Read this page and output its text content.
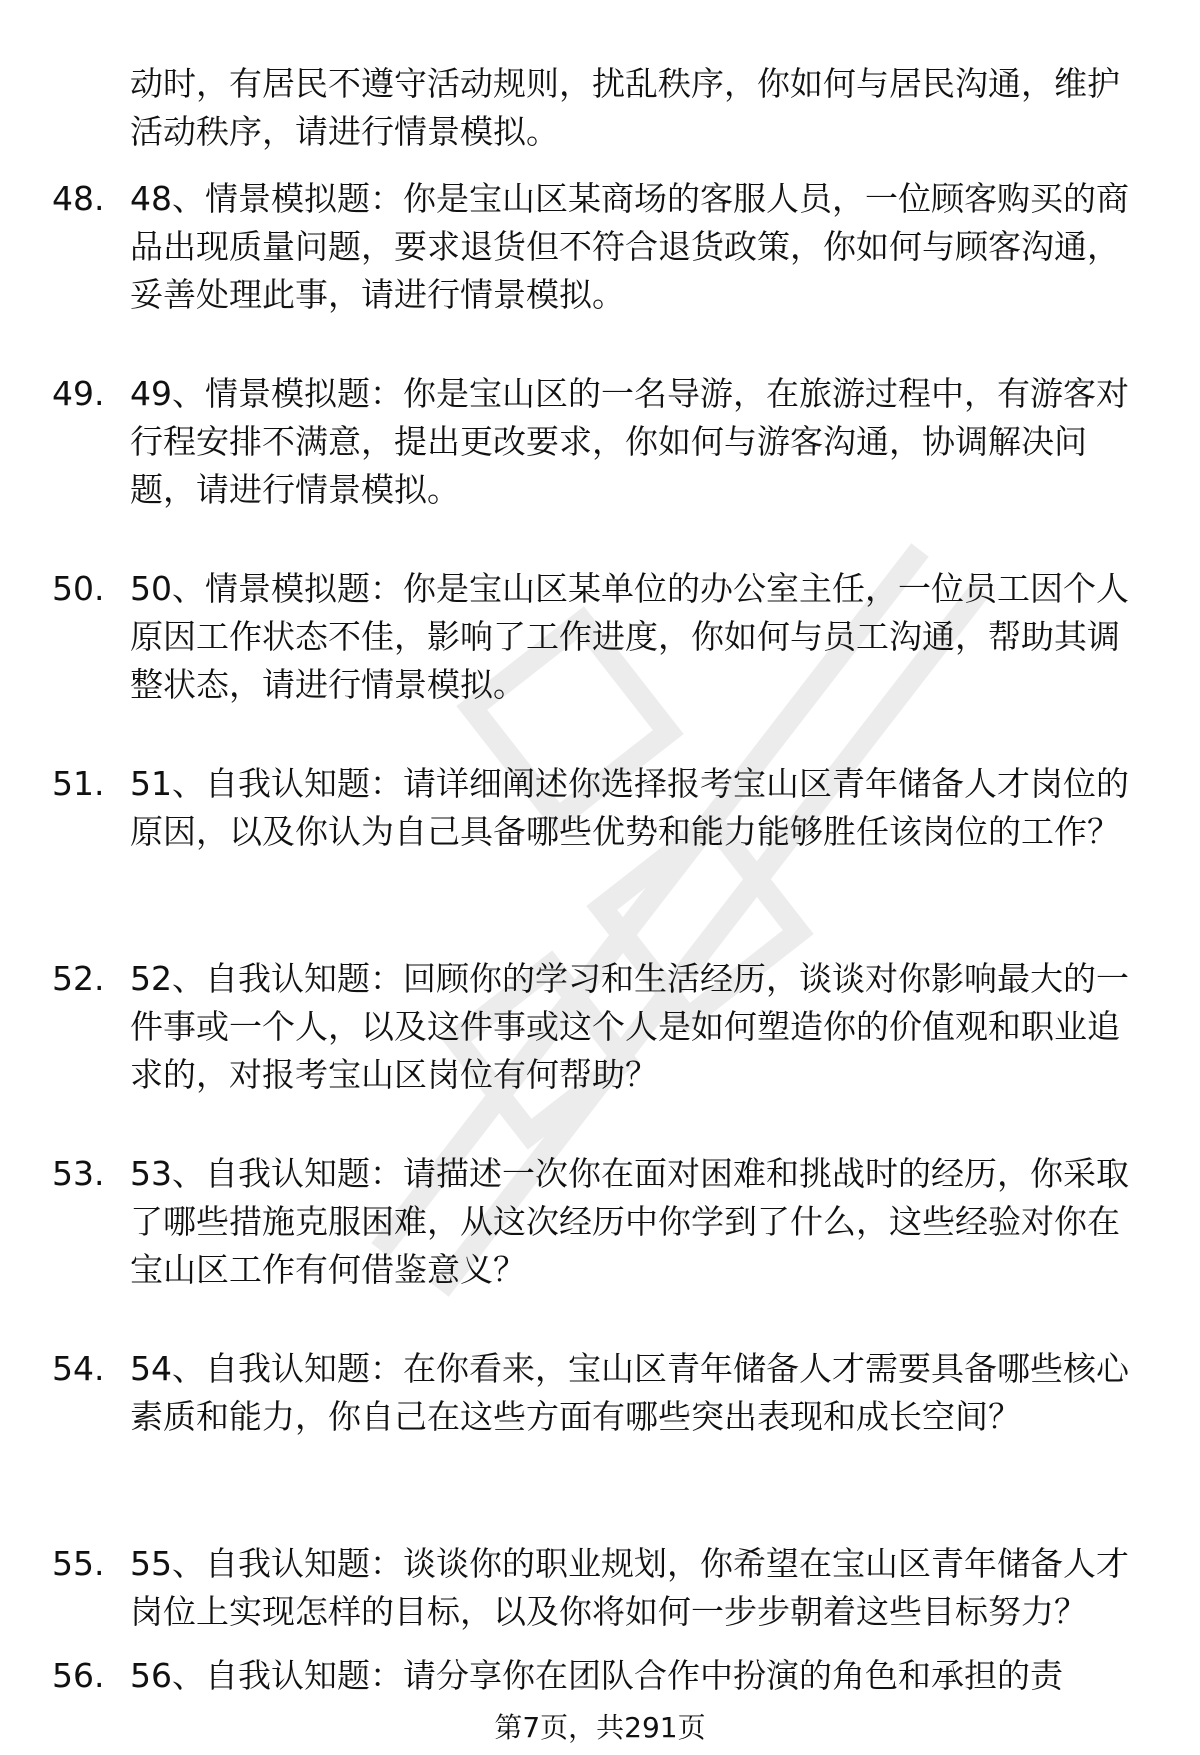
动时，有居民不遵守活动规则，扰乱秩序，你如何与居民沟通，维护活动秩序，请进行情景模拟。
48. 48、情景模拟题：你是宝山区某商场的客服人员，一位顾客购买的商品出现质量问题，要求退货但不符合退货政策，你如何与顾客沟通，妥善处理此事，请进行情景模拟。
49. 49、情景模拟题：你是宝山区的一名导游，在旅游过程中，有游客对行程安排不满意，提出更改要求，你如何与游客沟通，协调解决问题，请进行情景模拟。
50. 50、情景模拟题：你是宝山区某单位的办公室主任，一位员工因个人原因工作状态不佳，影响了工作进度，你如何与员工沟通，帮助其调整状态，请进行情景模拟。
51. 51、自我认知题：请详细阐述你选择报考宝山区青年储备人才岗位的原因，以及你认为自己具备哪些优势和能力能够胜任该岗位的工作？
52. 52、自我认知题：回顾你的学习和生活经历，谈谈对你影响最大的一件事或一个人，以及这件事或这个人是如何塑造你的价值观和职业追求的，对报考宝山区岗位有何帮助？
53. 53、自我认知题：请描述一次你在面对困难和挑战时的经历，你采取了哪些措施克服困难，从这次经历中你学到了什么，这些经验对你在宝山区工作有何借鉴意义？
54. 54、自我认知题：在你看来，宝山区青年储备人才需要具备哪些核心素质和能力，你自己在这些方面有哪些突出表现和成长空间？
55. 55、自我认知题：谈谈你的职业规划，你希望在宝山区青年储备人才岗位上实现怎样的目标，以及你将如何一步步朝着这些目标努力？
56. 56、自我认知题：请分享你在团队合作中扮演的角色和承担的责
第7页，共291页
